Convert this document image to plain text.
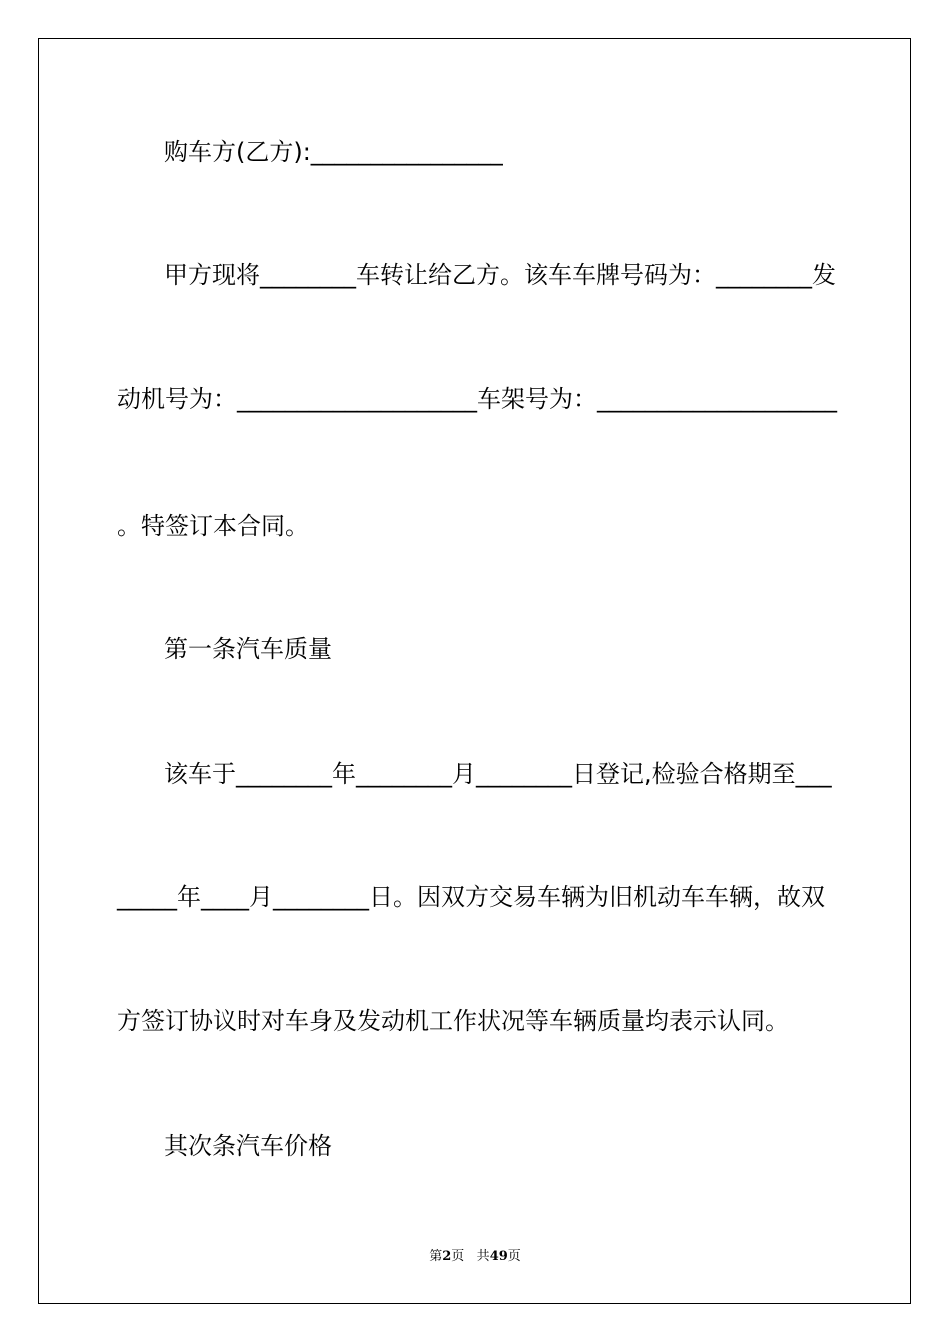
购车方(乙方):________________
甲方现将________车转让给乙方。该车车牌号码为：________发
动机号为：____________________车架号为：____________________
。特签订本合同。
第一条汽车质量
该车于________年________月________日登记,检验合格期至___
_____年____月________日。因双方交易车辆为旧机动车车辆，故双
方签订协议时对车身及发动机工作状况等车辆质量均表示认同。
其次条汽车价格
第2页 共49页
